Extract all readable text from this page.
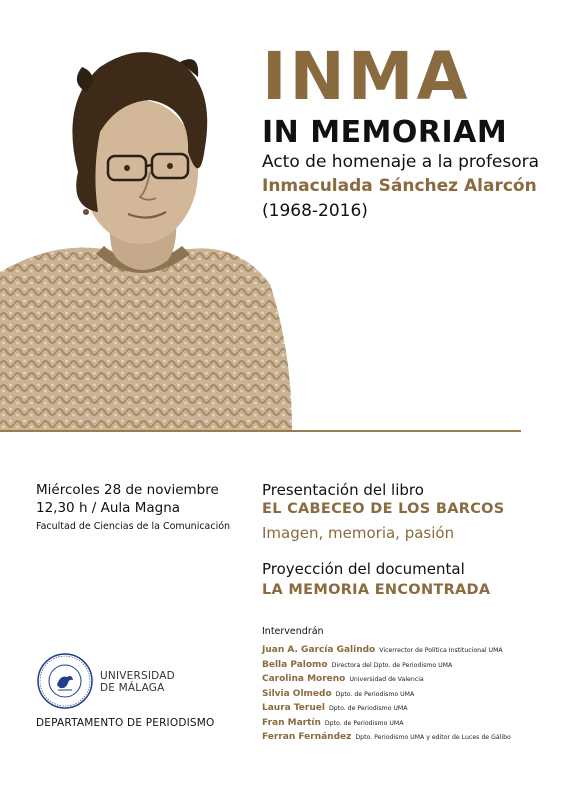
INMA
IN MEMORIAM
Acto de homenaje a la profesora
Inmaculada Sánchez Alarcón
(1968-2016)
Miércoles 28 de noviembre
12,30 h / Aula Magna
Facultad de Ciencias de la Comunicación
Presentación del libro
EL CABECEO DE LOS BARCOS
Imagen, memoria, pasión
Proyección del documental
LA MEMORIA ENCONTRADA
Intervendrán
Juan A. García Galindo Vicerrector de Política Institucional UMA
Bella Palomo Directora del Dpto. de Periodismo UMA
Carolina Moreno Universidad de Valencia
Silvia Olmedo Dpto. de Periodismo UMA
Laura Teruel Dpto. de Periodismo UMA
Fran Martín Dpto. de Periodismo UMA
Ferran Fernández Dpto. Periodismo UMA y editor de Luces de Gálibo
UNIVERSIDAD
DE MÁLAGA
DEPARTAMENTO DE PERIODISMO
